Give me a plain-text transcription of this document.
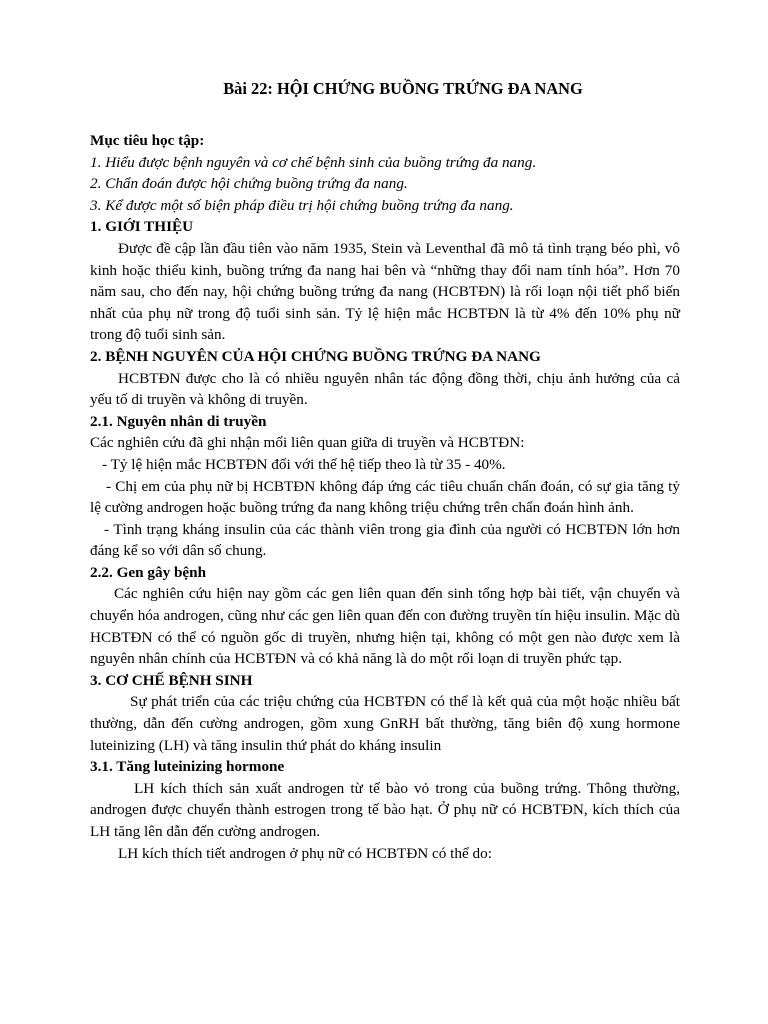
Bài 22: HỘI CHỨNG BUỒNG TRỨNG ĐA NANG

Mục tiêu học tập:

1. Hiểu được bệnh nguyên và cơ chế bệnh sinh của buồng trứng đa nang.

2. Chẩn đoán được hội chứng buồng trứng đa nang.

3. Kể được một số biện pháp điều trị hội chứng buồng trứng đa nang.

1. GIỚI THIỆU

Được đề cập lần đầu tiên vào năm 1935, Stein và Leventhal đã mô tả tình trạng béo phì, vô kinh hoặc thiểu kinh, buồng trứng đa nang hai bên và “những thay đổi nam tính hóa”. Hơn 70 năm sau, cho đến nay, hội chứng buồng trứng đa nang (HCBTĐN) là rối loạn nội tiết phổ biến nhất của phụ nữ trong độ tuổi sinh sản. Tỷ lệ hiện mắc HCBTĐN là từ 4% đến 10% phụ nữ trong độ tuổi sinh sản.

2. BỆNH NGUYÊN CỦA HỘI CHỨNG BUỒNG TRỨNG ĐA NANG

HCBTĐN được cho là có nhiều nguyên nhân tác động đồng thời, chịu ảnh hưởng của cả yếu tố di truyền và không di truyền.

2.1. Nguyên nhân di truyền

Các nghiên cứu đã ghi nhận mối liên quan giữa di truyền và HCBTĐN:

- Tỷ lệ hiện mắc HCBTĐN đối với thế hệ tiếp theo là từ 35 - 40%.

- Chị em của phụ nữ bị HCBTĐN không đáp ứng các tiêu chuẩn chẩn đoán, có sự gia tăng tỷ lệ cường androgen hoặc buồng trứng đa nang không triệu chứng trên chẩn đoán hình ảnh.

- Tình trạng kháng insulin của các thành viên trong gia đình của người có HCBTĐN lớn hơn đáng kể so với dân số chung.

2.2. Gen gây bệnh

Các nghiên cứu hiện nay gồm các gen liên quan đến sinh tổng hợp bài tiết, vận chuyển và chuyển hóa androgen, cũng như các gen liên quan đến con đường truyền tín hiệu insulin. Mặc dù HCBTĐN có thể có nguồn gốc di truyền, nhưng hiện tại, không có một gen nào được xem là nguyên nhân chính của HCBTĐN và có khả năng là do một rối loạn di truyền phức tạp.

3. CƠ CHẾ BỆNH SINH

Sự phát triển của các triệu chứng của HCBTĐN có thể là kết quả của một hoặc nhiều bất thường, dẫn đến cường androgen, gồm xung GnRH bất thường, tăng biên độ xung hormone luteinizing (LH) và tăng insulin thứ phát do kháng insulin

3.1. Tăng luteinizing hormone

LH kích thích sản xuất androgen từ tế bào vỏ trong của buồng trứng. Thông thường, androgen được chuyển thành estrogen trong tế bào hạt. Ở phụ nữ có HCBTĐN, kích thích của LH tăng lên dẫn đến cường androgen.

LH kích thích tiết androgen ở phụ nữ có HCBTĐN có thể do:
